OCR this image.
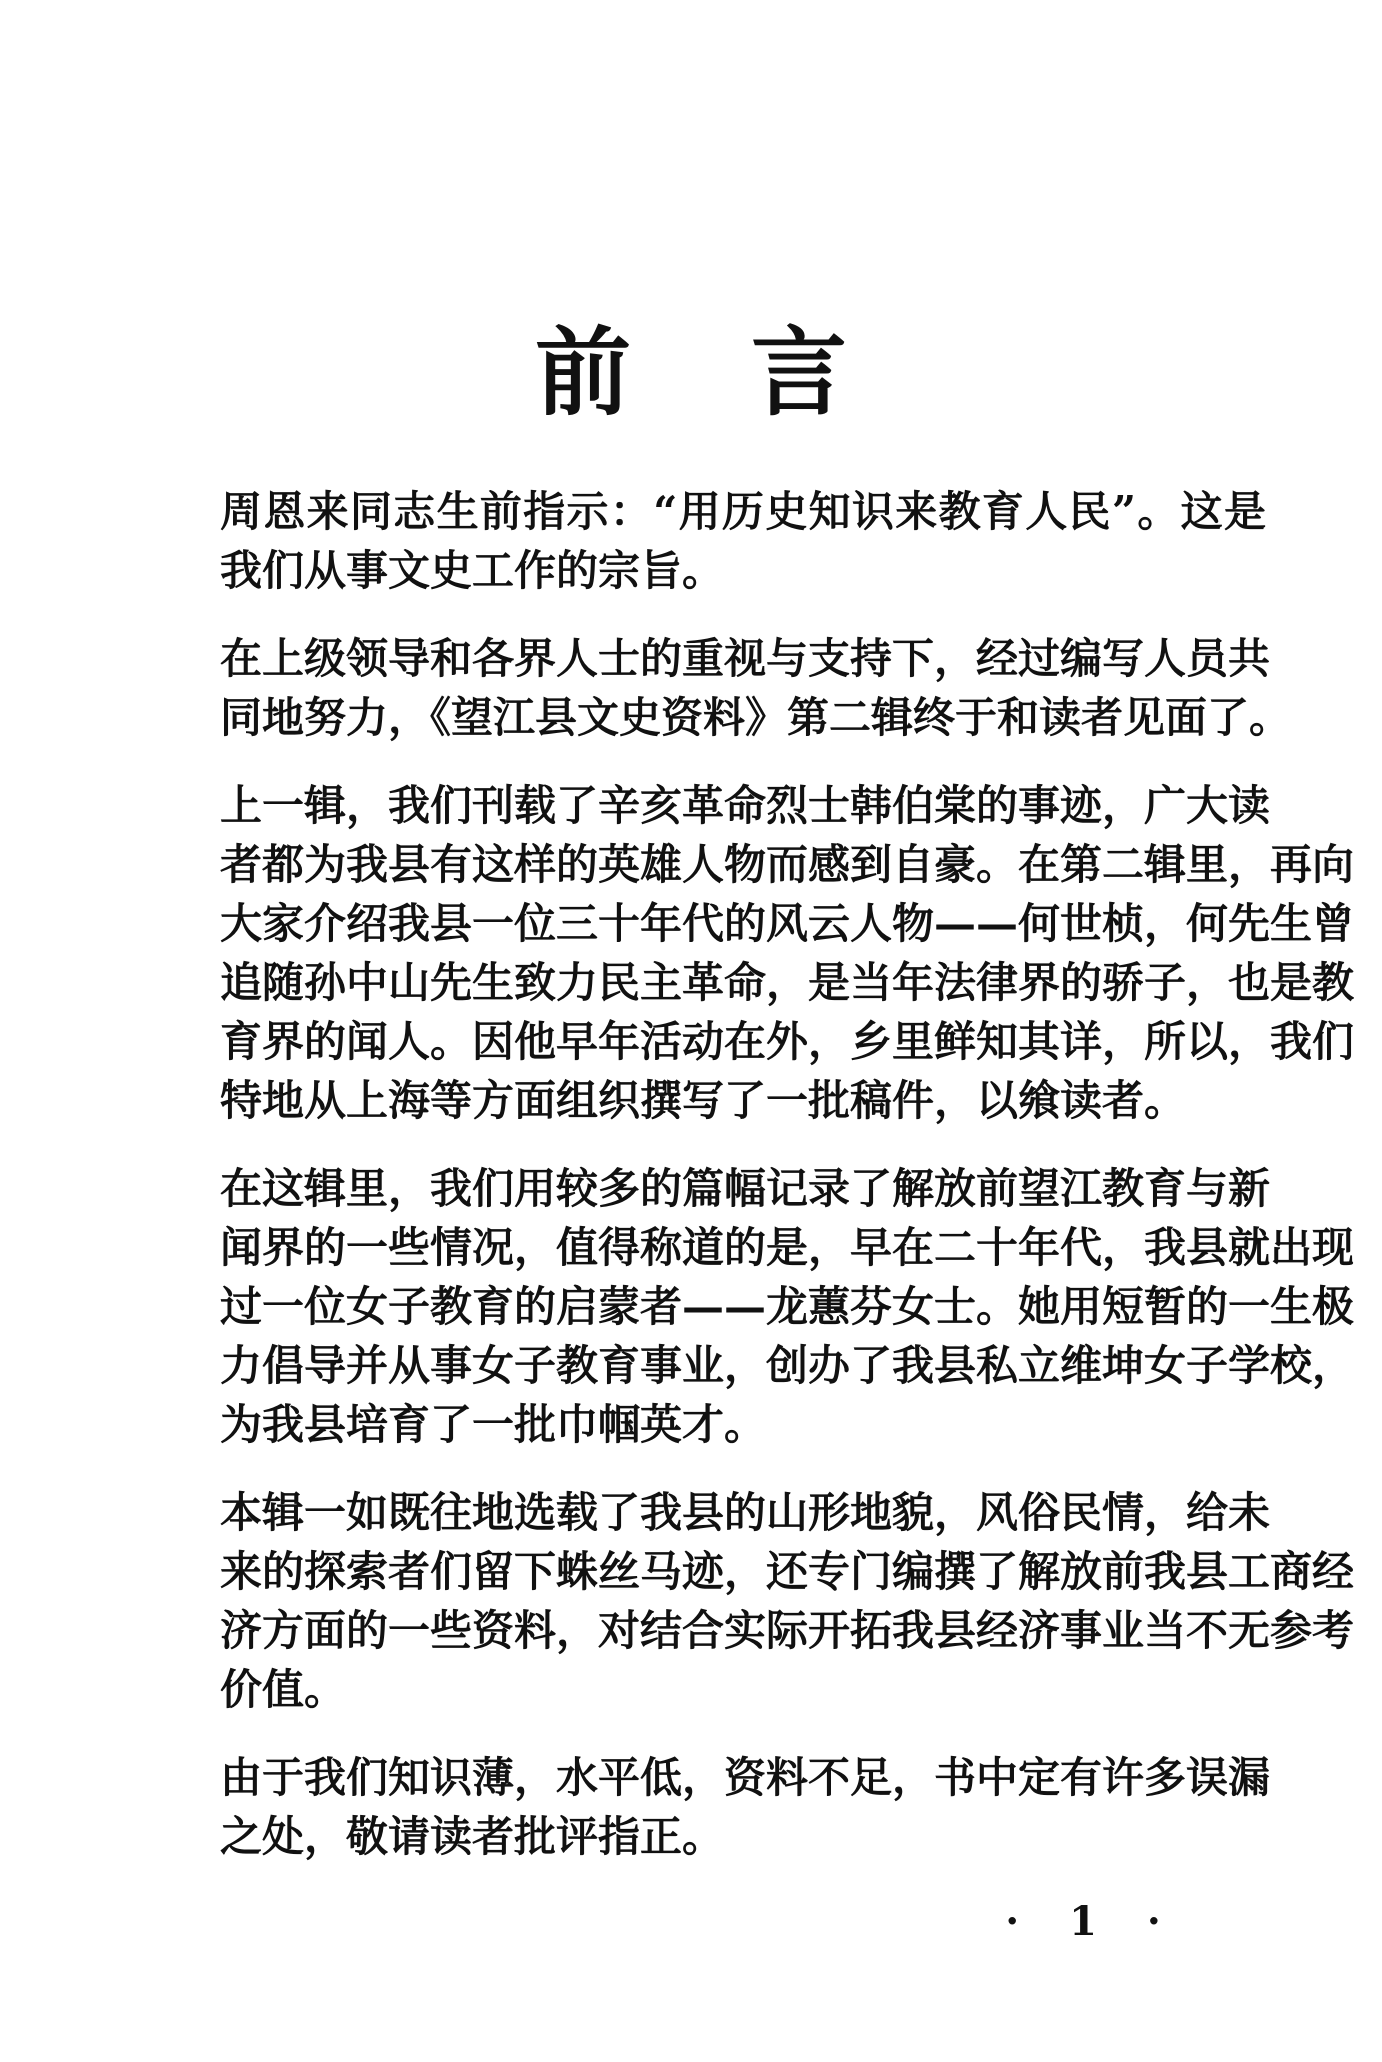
前 言

周恩来同志生前指示：“用历史知识来教育人民”。这是
我们从事文史工作的宗旨。

在上级领导和各界人士的重视与支持下，经过编写人员共
同地努力，《望江县文史资料》第二辑终于和读者见面了。

上一辑，我们刊载了辛亥革命烈士韩伯棠的事迹，广大读
者都为我县有这样的英雄人物而感到自豪。在第二辑里，再向
大家介绍我县一位三十年代的风云人物——何世桢，何先生曾
追随孙中山先生致力民主革命，是当年法律界的骄子，也是教
育界的闻人。因他早年活动在外，乡里鲜知其详，所以，我们
特地从上海等方面组织撰写了一批稿件，以飨读者。

在这辑里，我们用较多的篇幅记录了解放前望江教育与新
闻界的一些情况，值得称道的是，早在二十年代，我县就出现
过一位女子教育的启蒙者——龙蕙芬女士。她用短暂的一生极
力倡导并从事女子教育事业，创办了我县私立维坤女子学校，
为我县培育了一批巾帼英才。

本辑一如既往地选载了我县的山形地貌，风俗民情，给未
来的探索者们留下蛛丝马迹，还专门编撰了解放前我县工商经
济方面的一些资料，对结合实际开拓我县经济事业当不无参考
价值。

由于我们知识薄，水平低，资料不足，书中定有许多误漏
之处，敬请读者批评指正。

· 1 ·
